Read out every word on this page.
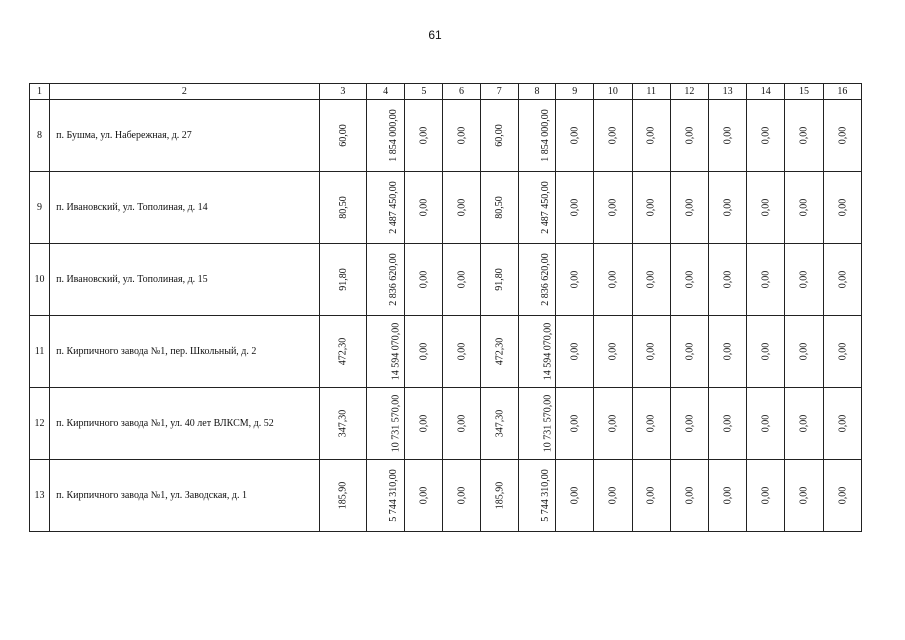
61
1	2	3	4	5	6	7	8	9	10	11	12	13	14	15	16
8	п. Бушма, ул. Набережная, д. 27	60,00	1 854 000,00	0,00	0,00	60,00	1 854 000,00	0,00	0,00	0,00	0,00	0,00	0,00	0,00	0,00
9	п. Ивановский, ул. Тополиная, д. 14	80,50	2 487 450,00	0,00	0,00	80,50	2 487 450,00	0,00	0,00	0,00	0,00	0,00	0,00	0,00	0,00
10	п. Ивановский, ул. Тополиная, д. 15	91,80	2 836 620,00	0,00	0,00	91,80	2 836 620,00	0,00	0,00	0,00	0,00	0,00	0,00	0,00	0,00
11	п. Кирпичного завода №1, пер. Школьный, д. 2	472,30	14 594 070,00	0,00	0,00	472,30	14 594 070,00	0,00	0,00	0,00	0,00	0,00	0,00	0,00	0,00
12	п. Кирпичного завода №1, ул. 40 лет ВЛКСМ, д. 52	347,30	10 731 570,00	0,00	0,00	347,30	10 731 570,00	0,00	0,00	0,00	0,00	0,00	0,00	0,00	0,00
13	п. Кирпичного завода №1, ул. Заводская, д. 1	185,90	5 744 310,00	0,00	0,00	185,90	5 744 310,00	0,00	0,00	0,00	0,00	0,00	0,00	0,00	0,00
